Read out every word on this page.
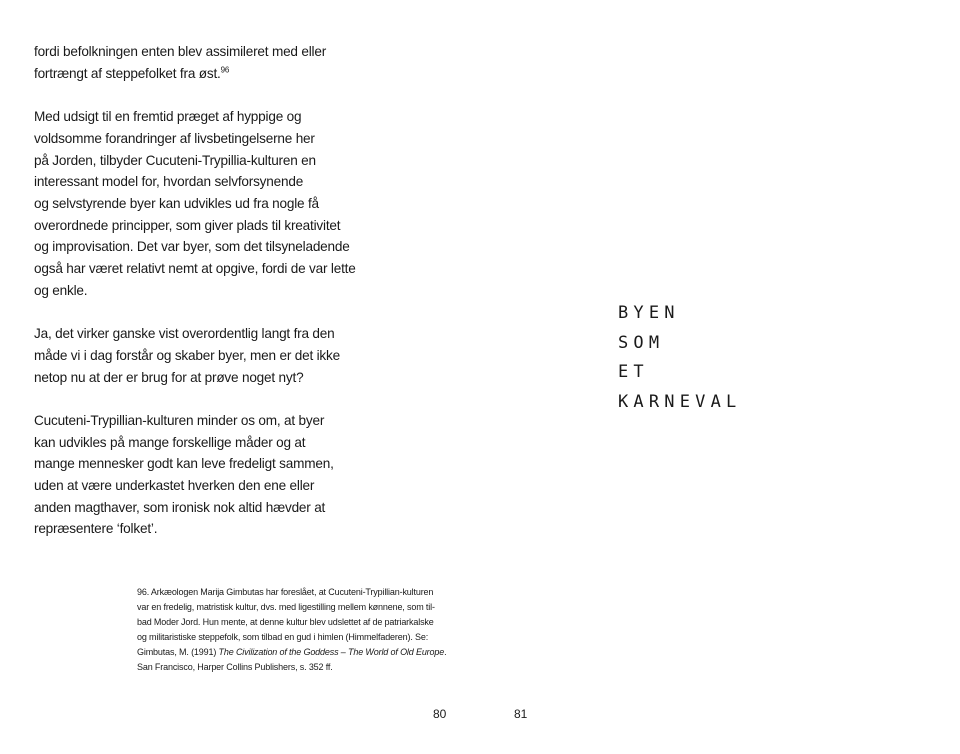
fordi befolkningen enten blev assimileret med eller
fortrængt af steppefolket fra øst.$^{96}$

Med udsigt til en fremtid præget af hyppige og
voldsomme forandringer af livsbetingelserne her
på Jorden, tilbyder Cucuteni-Trypillia-kulturen en
interessant model for, hvordan selvforsynende
og selvstyrende byer kan udvikles ud fra nogle få
overordnede principper, som giver plads til kreativitet
og improvisation. Det var byer, som det tilsyneladende
også har været relativt nemt at opgive, fordi de var lette
og enkle.

Ja, det virker ganske vist overordentlig langt fra den
måde vi i dag forstår og skaber byer, men er det ikke
netop nu at der er brug for at prøve noget nyt?

Cucuteni-Trypillian-kulturen minder os om, at byer
kan udvikles på mange forskellige måder og at
mange mennesker godt kan leve fredeligt sammen,
uden at være underkastet hverken den ene eller
anden magthaver, som ironisk nok altid hævder at
repræsentere ‘folket’.

96. Arkæologen Marija Gimbutas har foreslået, at Cucuteni-Trypillian-kulturen
var en fredelig, matristisk kultur, dvs. med ligestilling mellem kønnene, som til-
bad Moder Jord. Hun mente, at denne kultur blev udslettet af de patriarkalske
og militaristiske steppefolk, som tilbad en gud i himlen (Himmelfaderen). Se:
Gimbutas, M. (1991) The Civilization of the Goddess – The World of Old Europe.
San Francisco, Harper Collins Publishers, s. 352 ff.
80
BYEN
SOM
ET
KARNEVAL
81
